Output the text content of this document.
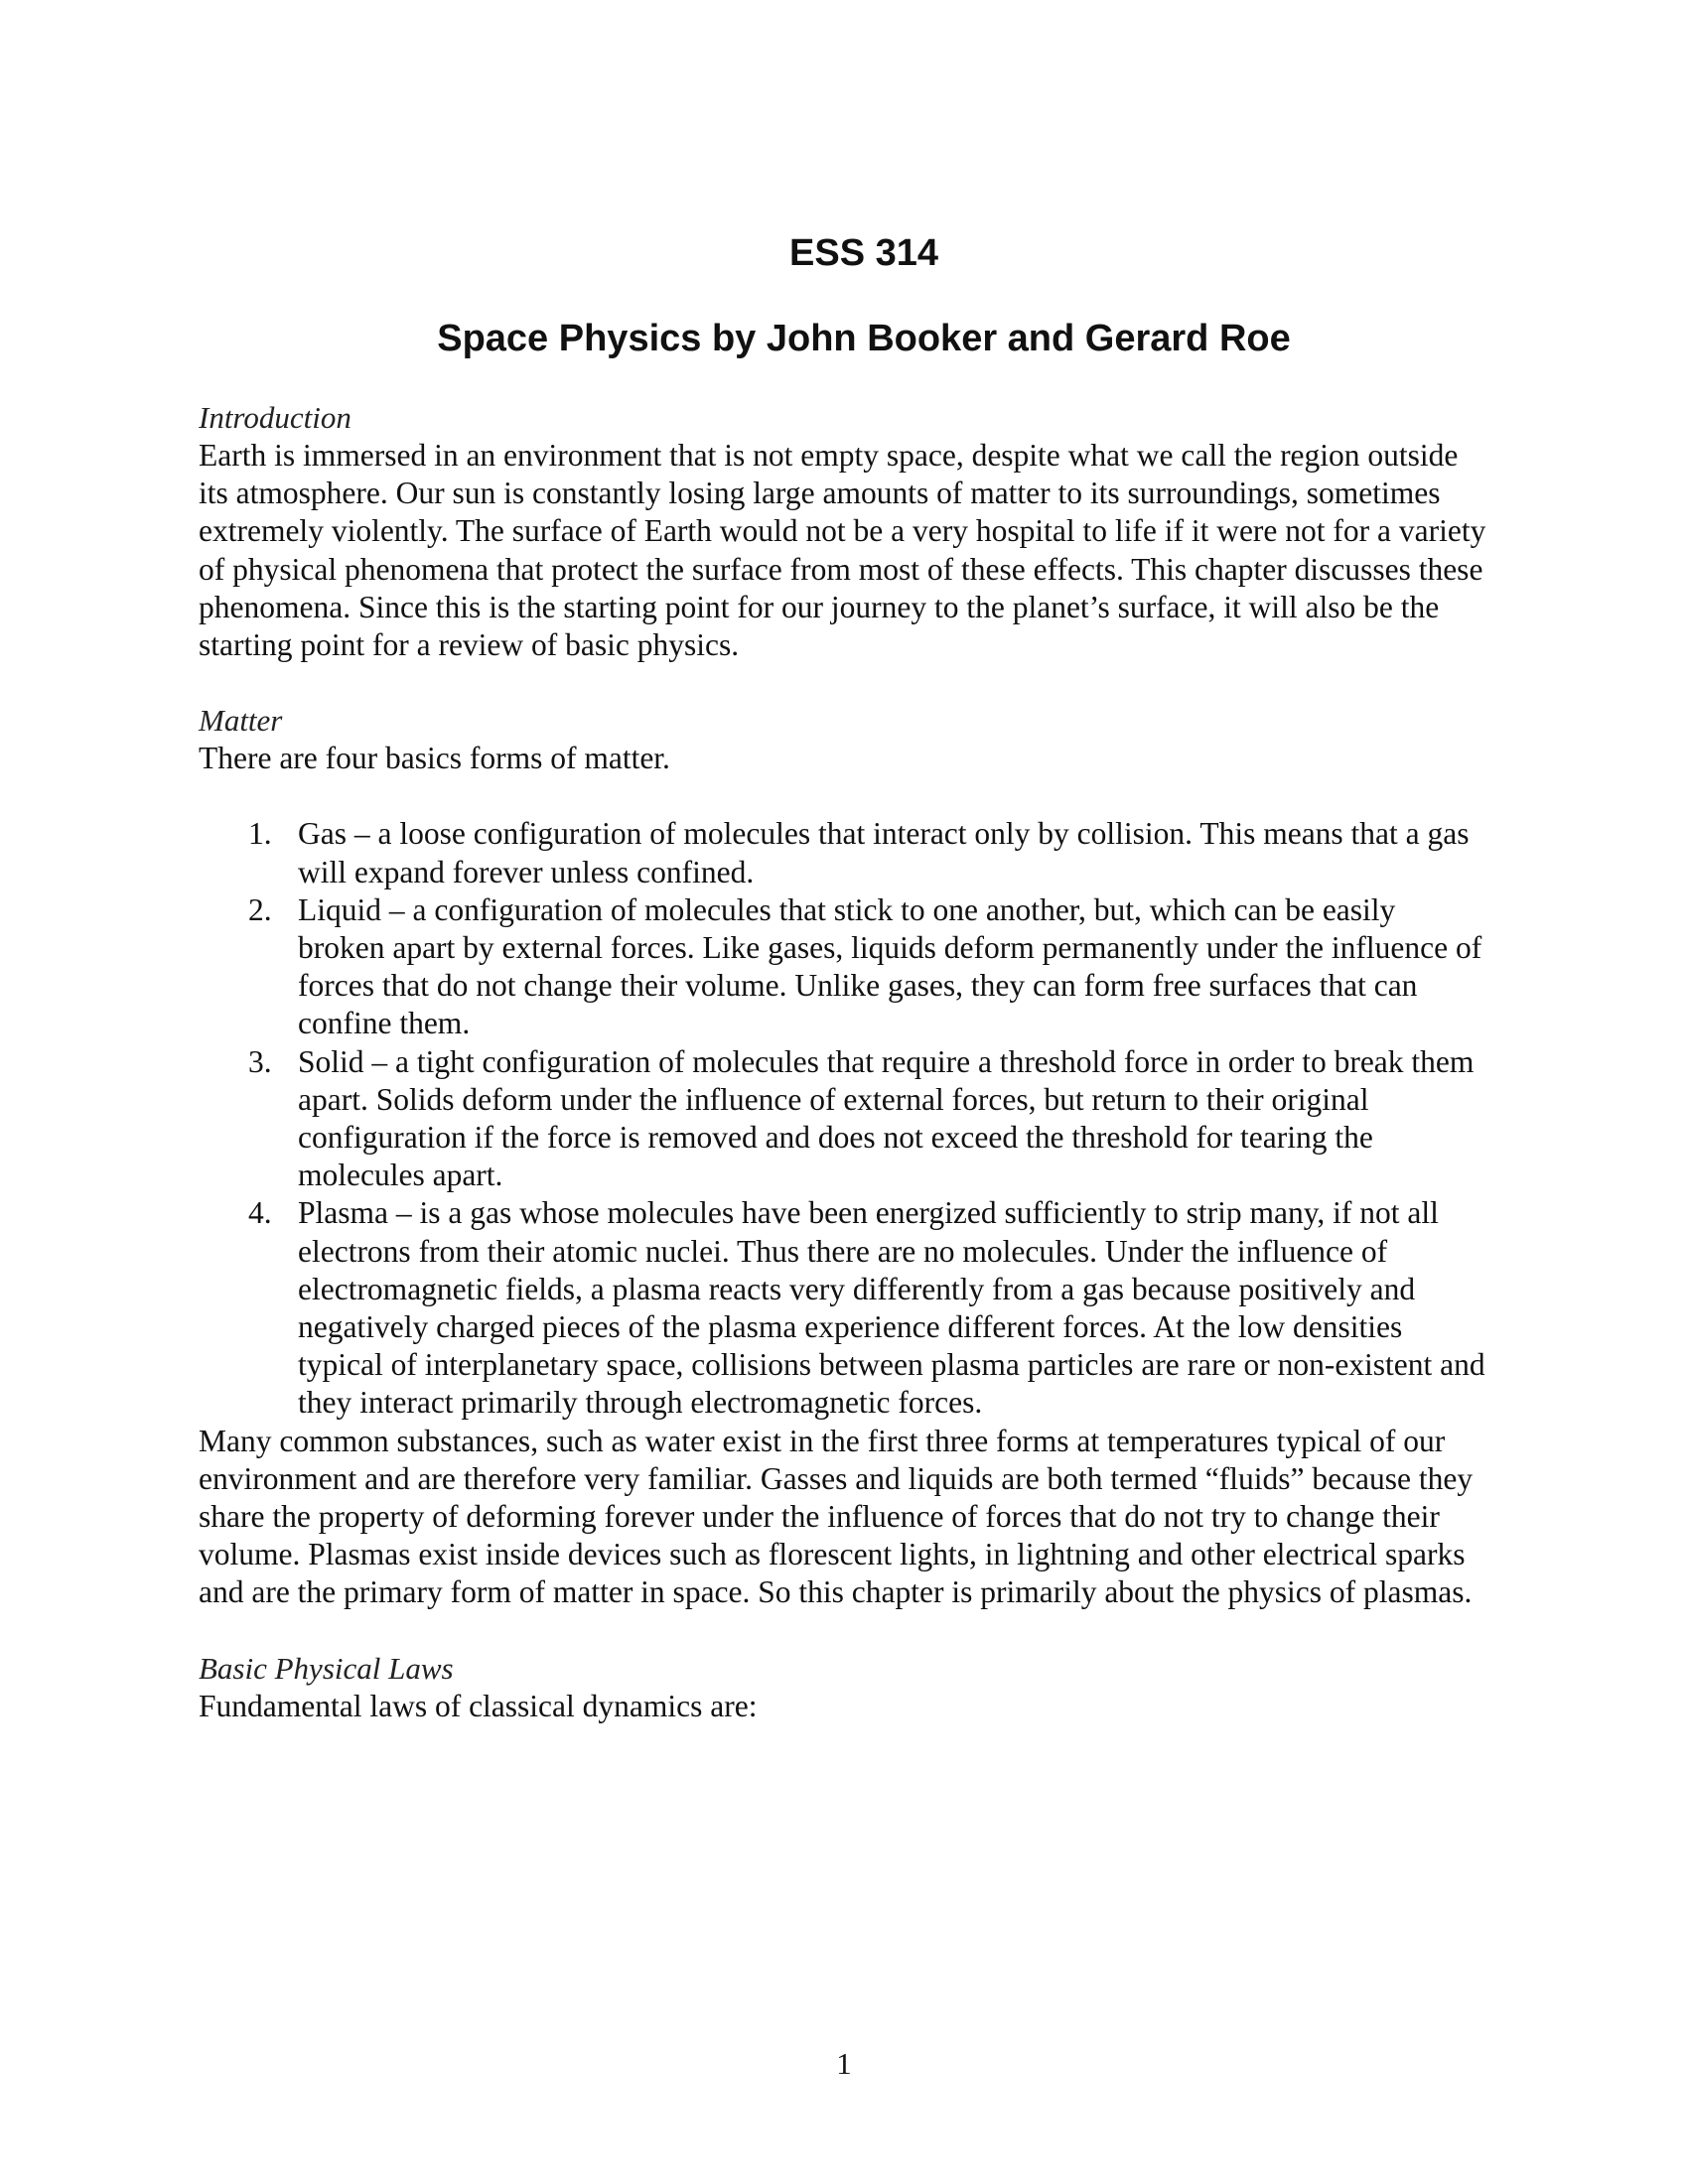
ESS 314
Space Physics by John Booker and Gerard Roe
Introduction

Earth is immersed in an environment that is not empty space, despite what we call the region outside its atmosphere. Our sun is constantly losing large amounts of matter to its surroundings, sometimes extremely violently. The surface of Earth would not be a very hospital to life if it were not for a variety of physical phenomena that protect the surface from most of these effects. This chapter discusses these phenomena. Since this is the starting point for our journey to the planet’s surface, it will also be the starting point for a review of basic physics.

Matter

There are four basics forms of matter.

1. Gas – a loose configuration of molecules that interact only by collision. This means that a gas will expand forever unless confined.
2. Liquid – a configuration of molecules that stick to one another, but, which can be easily broken apart by external forces. Like gases, liquids deform permanently under the influence of forces that do not change their volume. Unlike gases, they can form free surfaces that can confine them.
3. Solid – a tight configuration of molecules that require a threshold force in order to break them apart. Solids deform under the influence of external forces, but return to their original configuration if the force is removed and does not exceed the threshold for tearing the molecules apart.
4. Plasma – is a gas whose molecules have been energized sufficiently to strip many, if not all electrons from their atomic nuclei. Thus there are no molecules. Under the influence of electromagnetic fields, a plasma reacts very differently from a gas because positively and negatively charged pieces of the plasma experience different forces. At the low densities typical of interplanetary space, collisions between plasma particles are rare or non-existent and they interact primarily through electromagnetic forces.

Many common substances, such as water exist in the first three forms at temperatures typical of our environment and are therefore very familiar. Gasses and liquids are both termed “fluids” because they share the property of deforming forever under the influence of forces that do not try to change their volume. Plasmas exist inside devices such as florescent lights, in lightning and other electrical sparks and are the primary form of matter in space. So this chapter is primarily about the physics of plasmas.

Basic Physical Laws

Fundamental laws of classical dynamics are:

1
